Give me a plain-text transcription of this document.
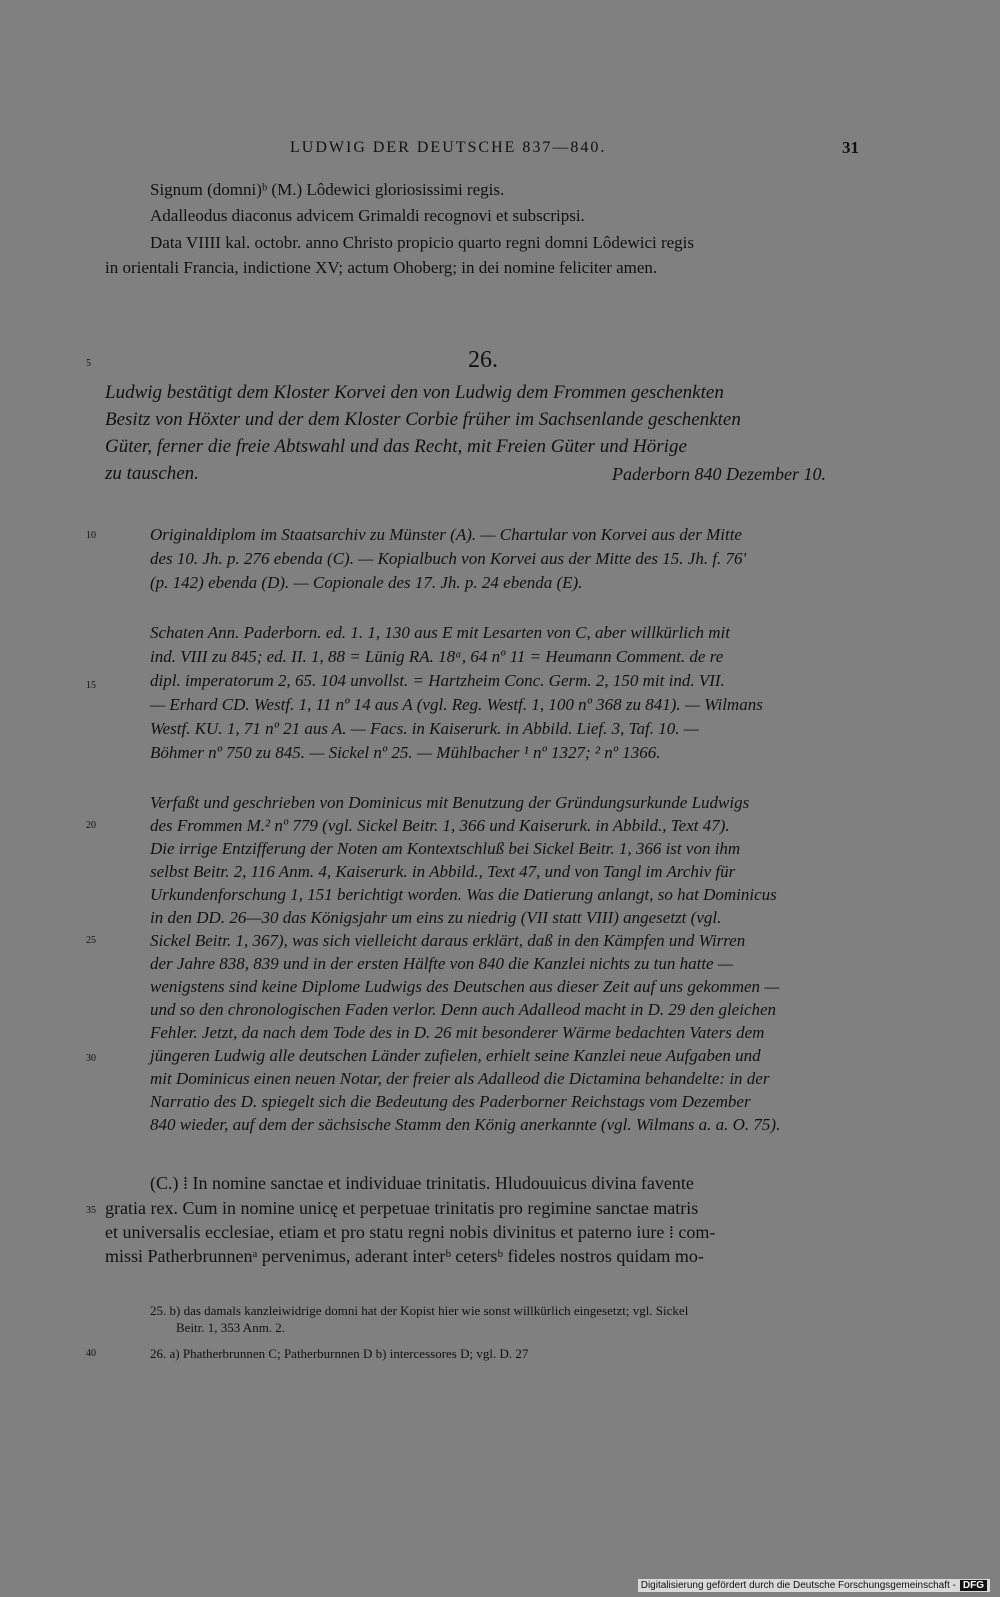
LUDWIG DER DEUTSCHE 837—840.	31
Signum (domni)ᵇ (M.) Lôdewici gloriosissimi regis.
Adalleodus diaconus advicem Grimaldi recognovi et subscripsi.
Data VIIII kal. octobr. anno Christo propicio quarto regni domni Lôdewici regis
in orientali Francia, indictione XV; actum Ohoberg; in dei nomine feliciter amen.
26.
Ludwig bestätigt dem Kloster Korvei den von Ludwig dem Frommen geschenkten
Besitz von Höxter und der dem Kloster Corbie früher im Sachsenlande geschenkten
Güter, ferner die freie Abtswahl und das Recht, mit Freien Güter und Hörige
zu tauschen.	Paderborn 840 Dezember 10.
Originaldiplom im Staatsarchiv zu Münster (A). — Chartular von Korvei aus der Mitte
des 10. Jh. p. 276 ebenda (C). — Kopialbuch von Korvei aus der Mitte des 15. Jh. f. 76'
(p. 142) ebenda (D). — Copionale des 17. Jh. p. 24 ebenda (E).
Schaten Ann. Paderborn. ed. 1. 1, 130 aus E mit Lesarten von C, aber willkürlich mit
ind. VIII zu 845; ed. II. 1, 88 = Lünig RA. 18ᵃ, 64 nº 11 = Heumann Comment. de re
dipl. imperatorum 2, 65. 104 unvollst. = Hartzheim Conc. Germ. 2, 150 mit ind. VII.
— Erhard CD. Westf. 1, 11 nº 14 aus A (vgl. Reg. Westf. 1, 100 nº 368 zu 841). — Wilmans
Westf. KU. 1, 71 nº 21 aus A. — Facs. in Kaiserurk. in Abbild. Lief. 3, Taf. 10. —
Böhmer nº 750 zu 845. — Sickel nº 25. — Mühlbacher ¹ nº 1327; ² nº 1366.
Verfaßt und geschrieben von Dominicus mit Benutzung der Gründungsurkunde Ludwigs
des Frommen M.² nº 779 (vgl. Sickel Beitr. 1, 366 und Kaiserurk. in Abbild., Text 47).
Die irrige Entzifferung der Noten am Kontextschluß bei Sickel Beitr. 1, 366 ist von ihm
selbst Beitr. 2, 116 Anm. 4, Kaiserurk. in Abbild., Text 47, und von Tangl im Archiv für
Urkundenforschung 1, 151 berichtigt worden. Was die Datierung anlangt, so hat Dominicus
in den DD. 26—30 das Königsjahr um eins zu niedrig (VII statt VIII) angesetzt (vgl.
Sickel Beitr. 1, 367), was sich vielleicht daraus erklärt, daß in den Kämpfen und Wirren
der Jahre 838, 839 und in der ersten Hälfte von 840 die Kanzlei nichts zu tun hatte —
wenigstens sind keine Diplome Ludwigs des Deutschen aus dieser Zeit auf uns gekommen —
und so den chronologischen Faden verlor. Denn auch Adalleod macht in D. 29 den gleichen
Fehler. Jetzt, da nach dem Tode des in D. 26 mit besonderer Wärme bedachten Vaters dem
jüngeren Ludwig alle deutschen Länder zufielen, erhielt seine Kanzlei neue Aufgaben und
mit Dominicus einen neuen Notar, der freier als Adalleod die Dictamina behandelte: in der
Narratio des D. spiegelt sich die Bedeutung des Paderborner Reichstags vom Dezember
840 wieder, auf dem der sächsische Stamm den König anerkannte (vgl. Wilmans a. a. O. 75).
(C.) ⁞ In nomine sanctae et individuae trinitatis. Hludouuicus divina favente
gratia rex. Cum in nomine unicę et perpetuae trinitatis pro regimine sanctae matris
et universalis ecclesiae, etiam et pro statu regni nobis divinitus et paterno iure ⁞ com-
missi Patherbrunnenᵃ pervenimus, aderant interᵇ cetersᵇ fideles nostros quidam mo-
25. b) das damals kanzleiwidrige domni hat der Kopist hier wie sonst willkürlich eingesetzt; vgl. Sickel
Beitr. 1, 353 Anm. 2.
26. a) Phatherbrunnen C; Patherburnnen D b) intercessores D; vgl. D. 27
5
10
15
20
25
30
35
40
Digitalisierung gefördert durch die Deutsche Forschungsgemeinschaft - DFG
